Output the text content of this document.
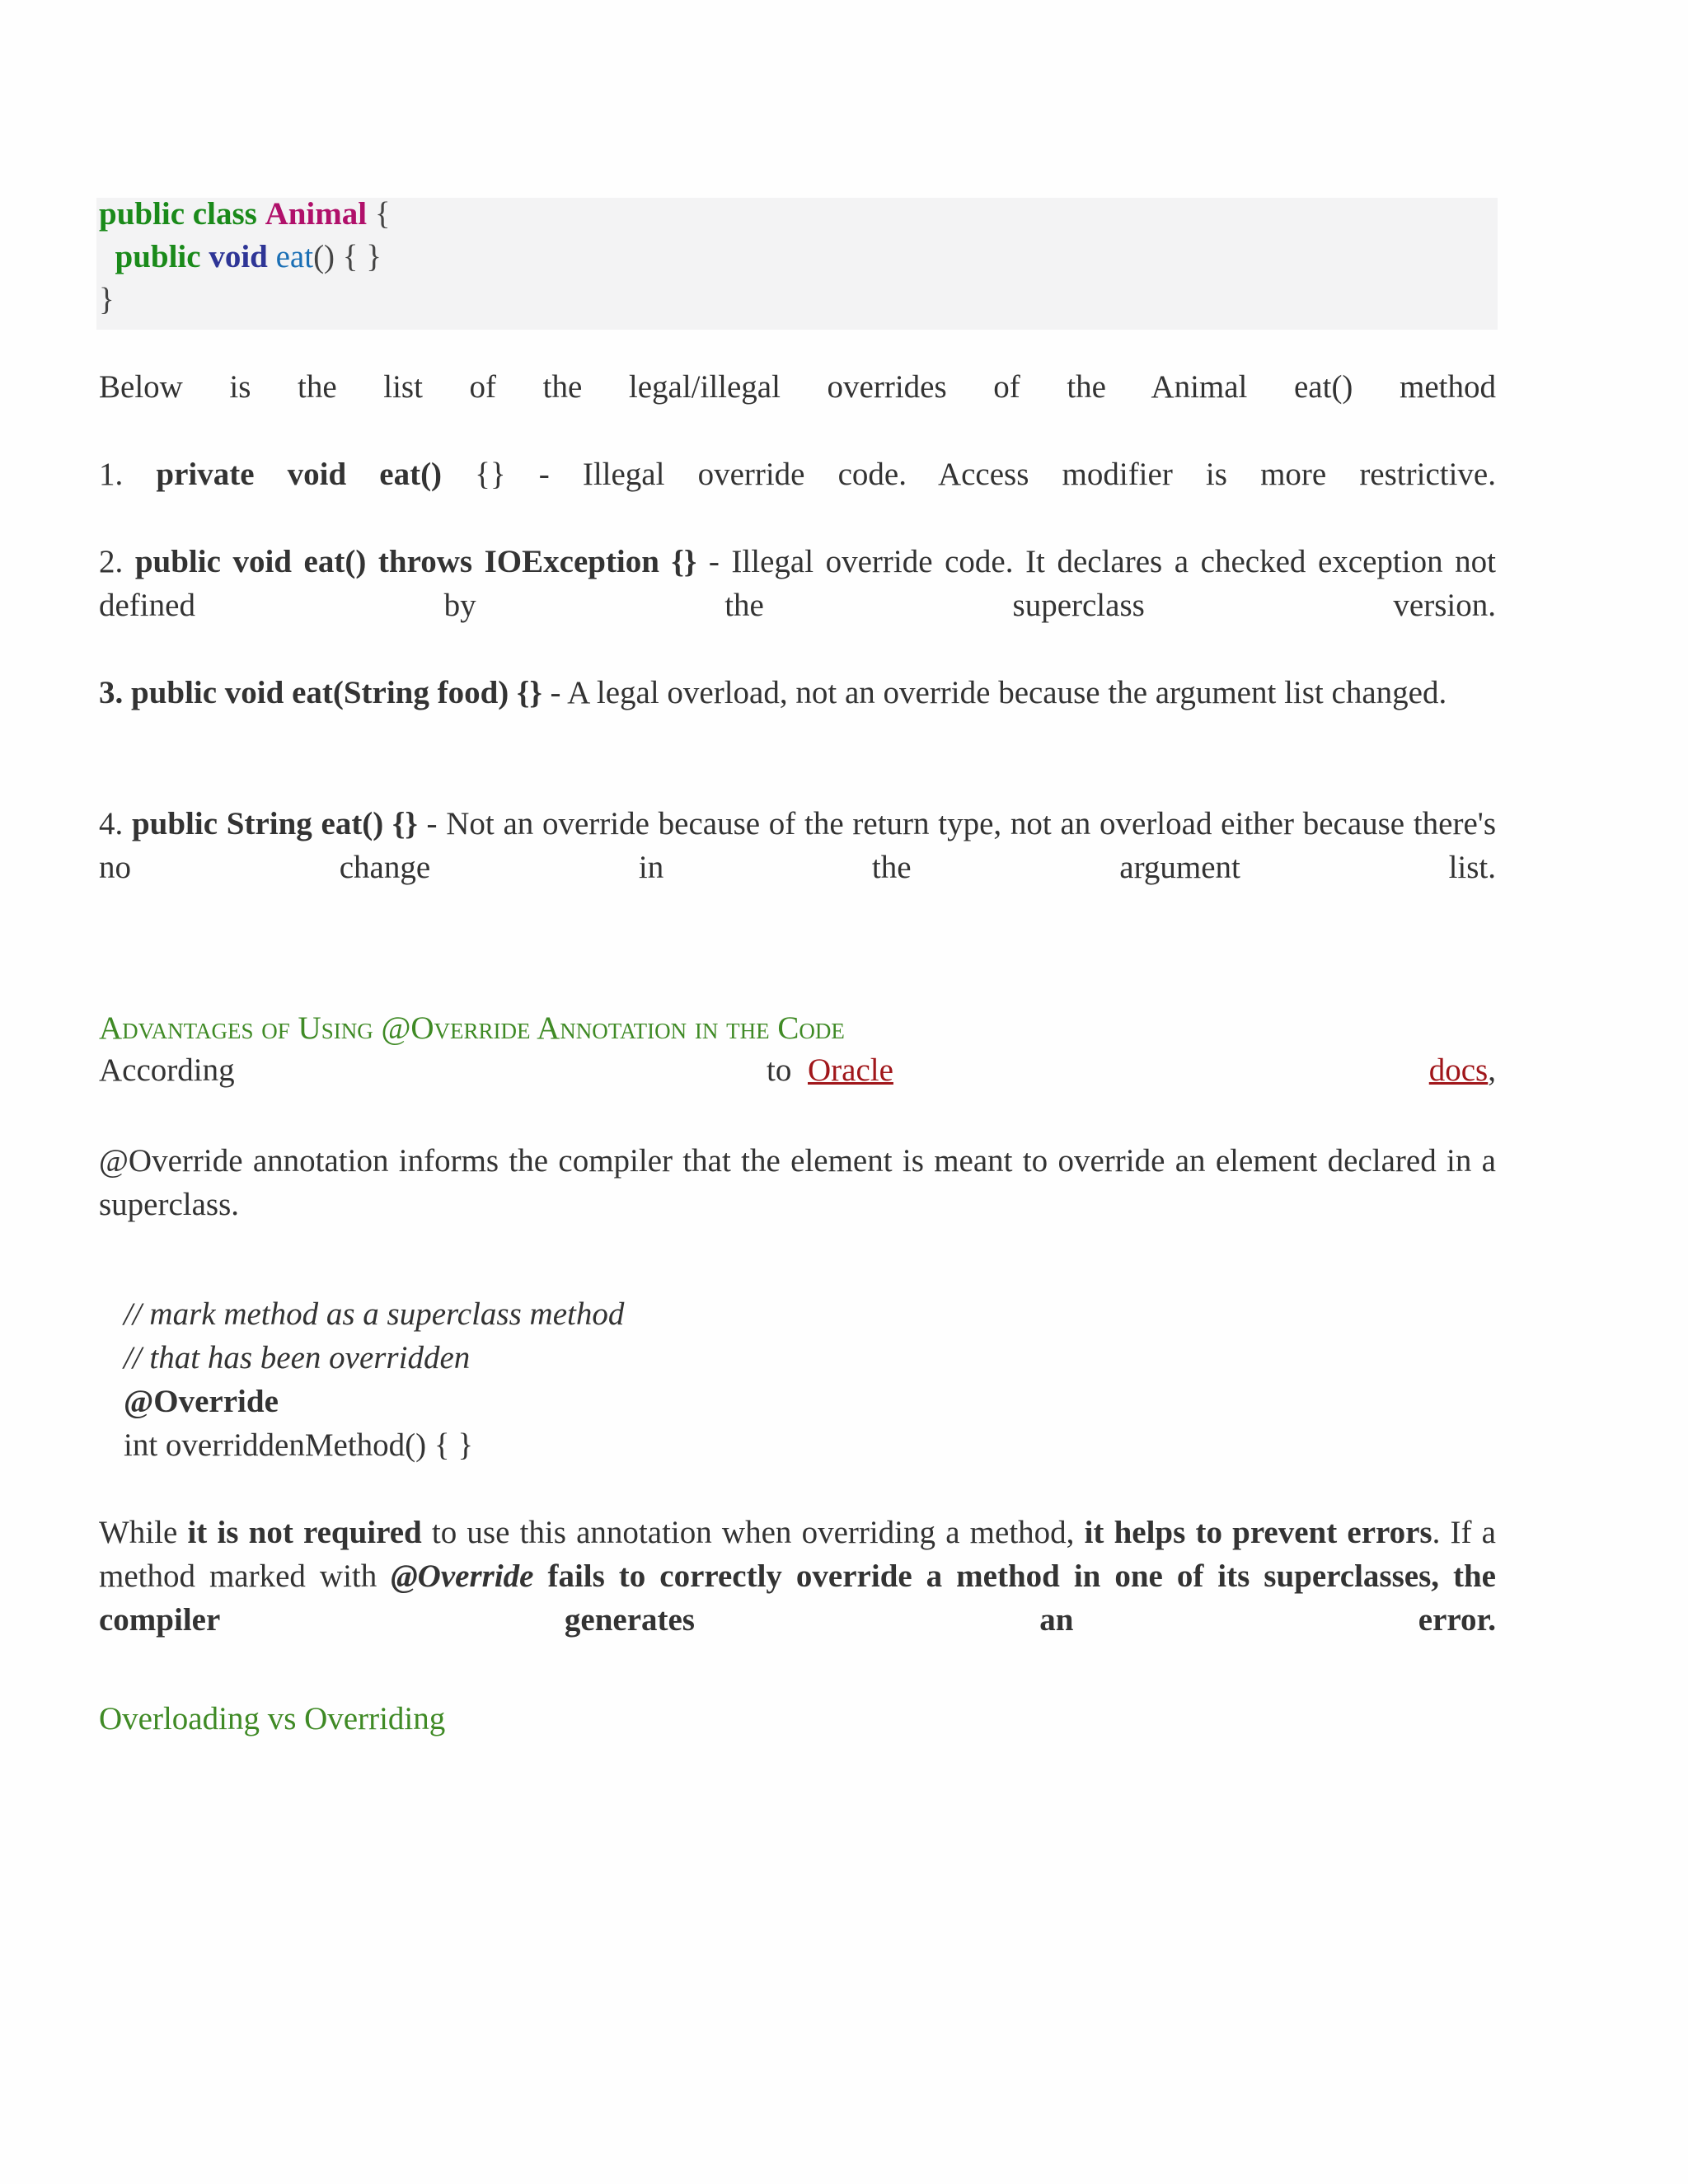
public class Animal {
public void eat() { }
}
Below is the list of the legal/illegal overrides of the Animal eat() method
1. private void eat() {} - Illegal override code. Access modifier is more restrictive.
2. public void eat() throws IOException {} - Illegal override code. It declares a checked exception not defined by the superclass version.
3. public void eat(String food) {} - A legal overload, not an override because the argument list changed.
4. public String eat() {} - Not an override because of the return type, not an overload either because there's no change in the argument list.
Advantages of Using @Override Annotation in the Code
According	to Oracle	docs ,
@Override annotation informs the compiler that the element is meant to override an element declared in a superclass.
// mark method as a superclass method
// that has been overridden
@Override
int overriddenMethod() { }
While it is not required to use this annotation when overriding a method, it helps to prevent errors. If a method marked with @Override fails to correctly override a method in one of its superclasses, the compiler generates an error.
Overloading vs Overriding
